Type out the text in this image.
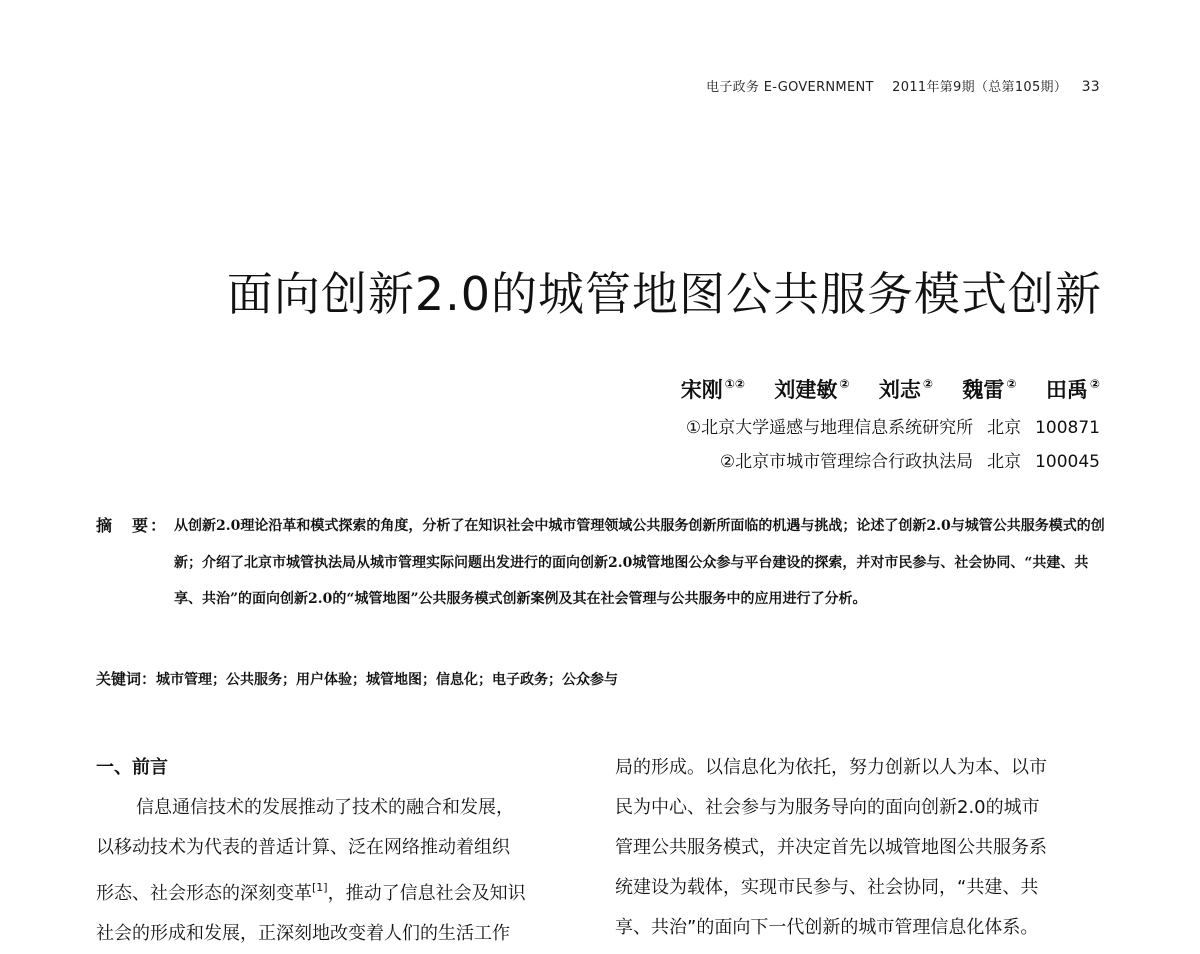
电子政务 E-GOVERNMENT 2011年第9期（总第105期） 33
面向创新2.0的城管地图公共服务模式创新
宋刚 ①② 刘建敏 ② 刘志 ② 魏雷 ② 田禹 ②
①北京大学遥感与地理信息系统研究所 北京 100871
②北京市城市管理综合行政执法局 北京 100045
摘　要： 从创新2.0理论沿革和模式探索的角度，分析了在知识社会中城市管理领域公共服务创新所面临的机遇与挑战；论述了创新2.0与城管公共服务模式的创新；介绍了北京市城管执法局从城市管理实际问题出发进行的面向创新2.0城管地图公众参与平台建设的探索，并对市民参与、社会协同、“共建、共享、共治”的面向创新2.0的“城管地图”公共服务模式创新案例及其在社会管理与公共服务中的应用进行了分析。
关键词：城市管理；公共服务；用户体验；城管地图；信息化；电子政务；公众参与
一、前言
信息通信技术的发展推动了技术的融合和发展，
以移动技术为代表的普适计算、泛在网络推动着组织
形态、社会形态的深刻变革[1]，推动了信息社会及知识
社会的形成和发展，正深刻地改变着人们的生活工作
局的形成。以信息化为依托，努力创新以人为本、以市
民为中心、社会参与为服务导向的面向创新2.0的城市
管理公共服务模式，并决定首先以城管地图公共服务系
统建设为载体，实现市民参与、社会协同，“共建、共
享、共治”的面向下一代创新的城市管理信息化体系。
